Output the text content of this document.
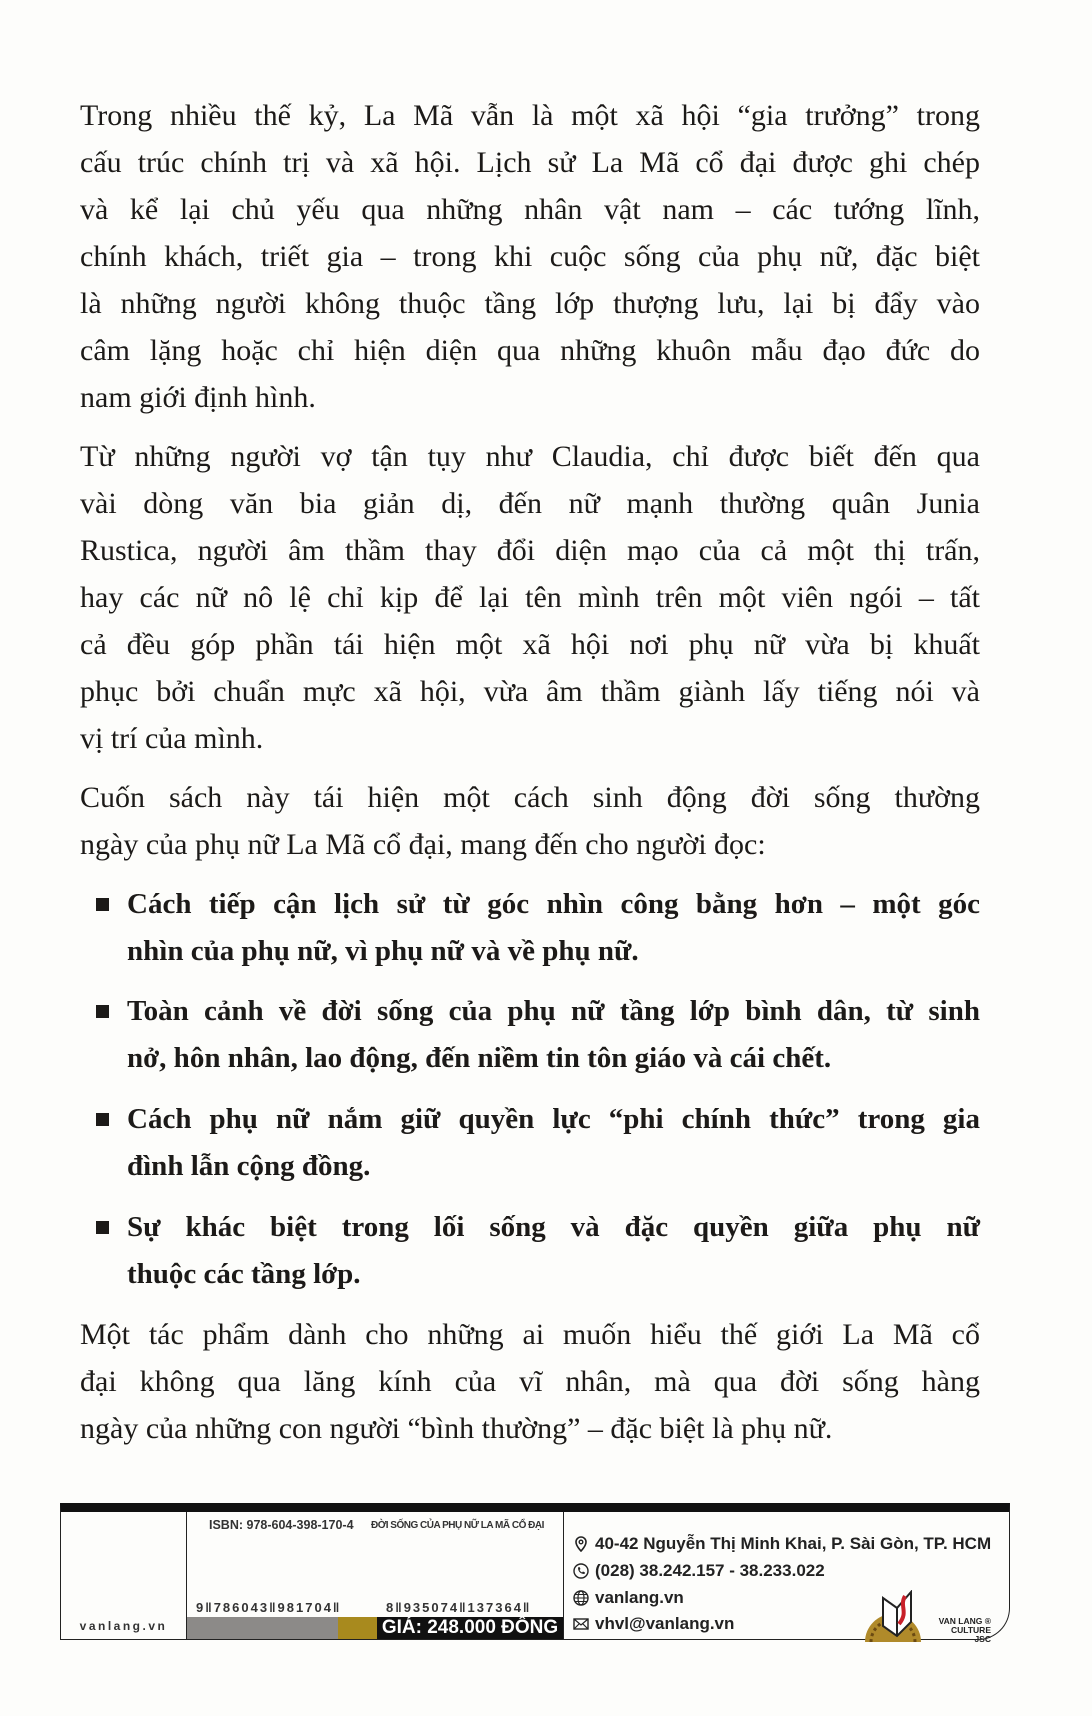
Trong nhiều thế kỷ, La Mã vẫn là một xã hội “gia trưởng” trong
cấu trúc chính trị và xã hội. Lịch sử La Mã cổ đại được ghi chép
và kể lại chủ yếu qua những nhân vật nam – các tướng lĩnh,
chính khách, triết gia – trong khi cuộc sống của phụ nữ, đặc biệt
là những người không thuộc tầng lớp thượng lưu, lại bị đẩy vào
câm lặng hoặc chỉ hiện diện qua những khuôn mẫu đạo đức do
nam giới định hình.
Từ những người vợ tận tụy như Claudia, chỉ được biết đến qua
vài dòng văn bia giản dị, đến nữ mạnh thường quân Junia
Rustica, người âm thầm thay đổi diện mạo của cả một thị trấn,
hay các nữ nô lệ chỉ kịp để lại tên mình trên một viên ngói – tất
cả đều góp phần tái hiện một xã hội nơi phụ nữ vừa bị khuất
phục bởi chuẩn mực xã hội, vừa âm thầm giành lấy tiếng nói và
vị trí của mình.
Cuốn sách này tái hiện một cách sinh động đời sống thường
ngày của phụ nữ La Mã cổ đại, mang đến cho người đọc:
Cách tiếp cận lịch sử từ góc nhìn công bằng hơn – một góc
nhìn của phụ nữ, vì phụ nữ và về phụ nữ.
Toàn cảnh về đời sống của phụ nữ tầng lớp bình dân, từ sinh
nở, hôn nhân, lao động, đến niềm tin tôn giáo và cái chết.
Cách phụ nữ nắm giữ quyền lực “phi chính thức” trong gia
đình lẫn cộng đồng.
Sự khác biệt trong lối sống và đặc quyền giữa phụ nữ
thuộc các tầng lớp.
Một tác phẩm dành cho những ai muốn hiểu thế giới La Mã cổ
đại không qua lăng kính của vĩ nhân, mà qua đời sống hàng
ngày của những con người “bình thường” – đặc biệt là phụ nữ.
vanlang.vn
ISBN: 978-604-398-170-4 ĐỜI SỐNG CỦA PHỤ NỮ LA MÃ CỔ ĐẠI
9‖786043‖981704‖	8‖935074‖137364‖
GIÁ: 248.000 ĐỒNG
40-42 Nguyễn Thị Minh Khai, P. Sài Gòn, TP. HCM
(028) 38.242.157 - 38.233.022
vanlang.vn
vhvl@vanlang.vn	VAN LANG ®
CULTURE JSC
